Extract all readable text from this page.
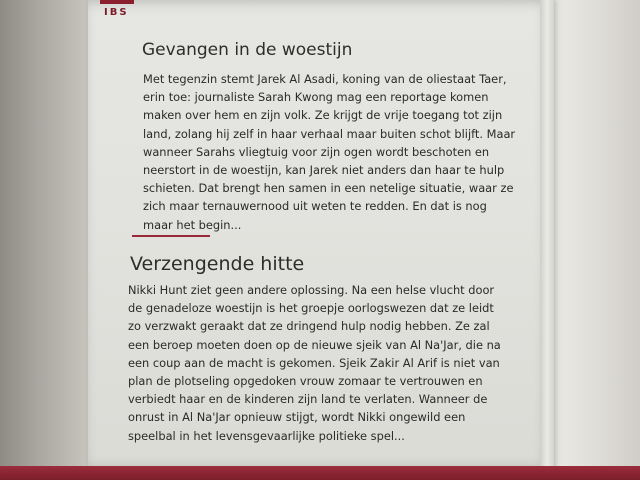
IBS
Gevangen in de woestijn

Met tegenzin stemt Jarek Al Asadi, koning van de oliestaat Taer,
erin toe: journaliste Sarah Kwong mag een reportage komen
maken over hem en zijn volk. Ze krijgt de vrije toegang tot zijn
land, zolang hij zelf in haar verhaal maar buiten schot blijft. Maar
wanneer Sarahs vliegtuig voor zijn ogen wordt beschoten en
neerstort in de woestijn, kan Jarek niet anders dan haar te hulp
schieten. Dat brengt hen samen in een netelige situatie, waar ze
zich maar ternauwernood uit weten te redden. En dat is nog
maar het begin...

Verzengende hitte

Nikki Hunt ziet geen andere oplossing. Na een helse vlucht door
de genadeloze woestijn is het groepje oorlogswezen dat ze leidt
zo verzwakt geraakt dat ze dringend hulp nodig hebben. Ze zal
een beroep moeten doen op de nieuwe sjeik van Al Na'Jar, die na
een coup aan de macht is gekomen. Sjeik Zakir Al Arif is niet van
plan de plotseling opgedoken vrouw zomaar te vertrouwen en
verbiedt haar en de kinderen zijn land te verlaten. Wanneer de
onrust in Al Na'Jar opnieuw stijgt, wordt Nikki ongewild een
speelbal in het levensgevaarlijke politieke spel...
